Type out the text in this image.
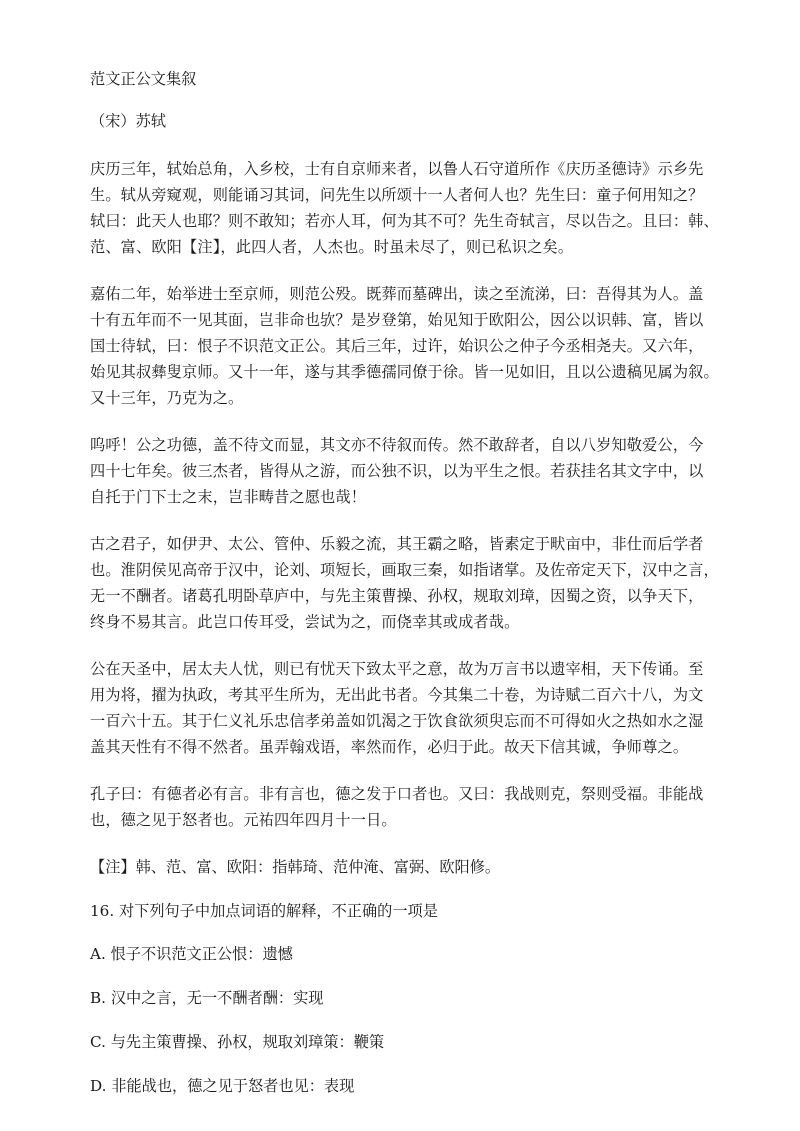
范文正公文集叙

（宋）苏轼

庆历三年，轼始总角，入乡校，士有自京师来者，以鲁人石守道所作《庆历圣德诗》示乡先

生。轼从旁窥观，则能诵习其词，问先生以所颂十一人者何人也？先生曰：童子何用知之？

轼曰：此天人也耶？则不敢知；若亦人耳，何为其不可？先生奇轼言，尽以告之。且曰：韩、

范、富、欧阳【注】，此四人者，人杰也。时虽未尽了，则已私识之矣。

嘉佑二年，始举进士至京师，则范公殁。既葬而墓碑出，读之至流涕，曰：吾得其为人。盖

十有五年而不一见其面，岂非命也欤？是岁登第，始见知于欧阳公，因公以识韩、富，皆以

国士待轼，曰：恨子不识范文正公。其后三年，过许，始识公之仲子今丞相尧夫。又六年，

始见其叔彝叟京师。又十一年，遂与其季德孺同僚于徐。皆一见如旧，且以公遗稿见属为叙。

又十三年，乃克为之。

呜呼！公之功德，盖不待文而显，其文亦不待叙而传。然不敢辞者，自以八岁知敬爱公，今

四十七年矣。彼三杰者，皆得从之游，而公独不识，以为平生之恨。若获挂名其文字中，以

自托于门下士之末，岂非畴昔之愿也哉！

古之君子，如伊尹、太公、管仲、乐毅之流，其王霸之略，皆素定于畎亩中，非仕而后学者

也。淮阴侯见高帝于汉中，论刘、项短长，画取三秦，如指诸掌。及佐帝定天下，汉中之言，

无一不酬者。诸葛孔明卧草庐中，与先主策曹操、孙权，规取刘璋，因蜀之资，以争天下，

终身不易其言。此岂口传耳受，尝试为之，而侥幸其或成者哉。

公在天圣中，居太夫人忧，则已有忧天下致太平之意，故为万言书以遗宰相，天下传诵。至

用为将，擢为执政，考其平生所为，无出此书者。今其集二十卷，为诗赋二百六十八，为文

一百六十五。其于仁义礼乐忠信孝弟盖如饥渴之于饮食欲须臾忘而不可得如火之热如水之湿

盖其天性有不得不然者。虽弄翰戏语，率然而作，必归于此。故天下信其诚，争师尊之。

孔子曰：有德者必有言。非有言也，德之发于口者也。又曰：我战则克，祭则受福。非能战

也，德之见于怒者也。元祐四年四月十一日。

【注】韩、范、富、欧阳：指韩琦、范仲淹、富弼、欧阳修。

16. 对下列句子中加点词语的解释，不正确的一项是

A. 恨子不识范文正公恨：遗憾

B. 汉中之言，无一不酬者酬：实现

C. 与先主策曹操、孙权，规取刘璋策：鞭策

D. 非能战也，德之见于怒者也见：表现
